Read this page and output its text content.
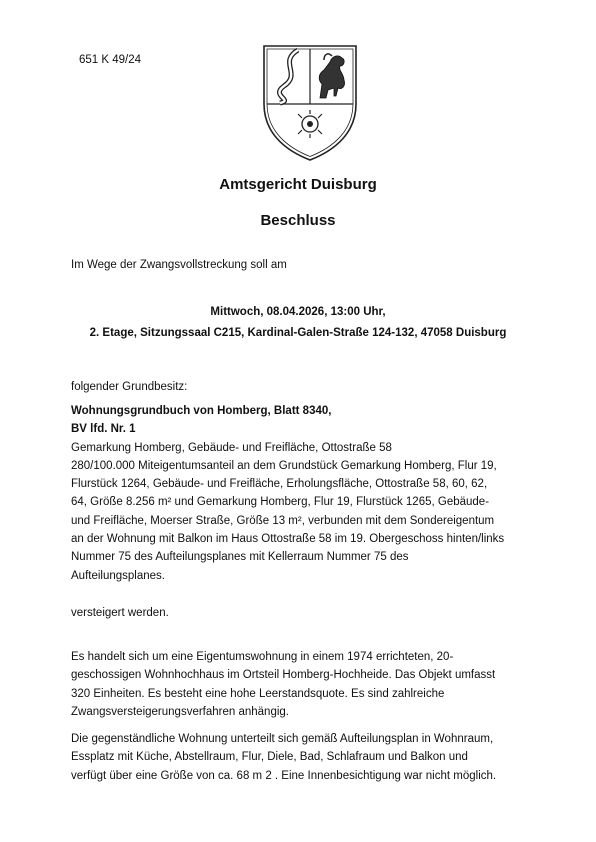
651 K 49/24
Amtsgericht Duisburg
Beschluss
Im Wege der Zwangsvollstreckung soll am
Mittwoch, 08.04.2026, 13:00 Uhr,
2. Etage, Sitzungssaal C215, Kardinal-Galen-Straße 124-132, 47058 Duisburg
folgender Grundbesitz:
Wohnungsgrundbuch von Homberg, Blatt 8340,
BV lfd. Nr. 1
Gemarkung Homberg, Gebäude- und Freifläche, Ottostraße 58
280/100.000 Miteigentumsanteil an dem Grundstück Gemarkung Homberg, Flur 19,
Flurstück 1264, Gebäude- und Freifläche, Erholungsfläche, Ottostraße 58, 60, 62,
64, Größe 8.256 m² und Gemarkung Homberg, Flur 19, Flurstück 1265, Gebäude-
und Freifläche, Moerser Straße, Größe 13 m², verbunden mit dem Sondereigentum
an der Wohnung mit Balkon im Haus Ottostraße 58 im 19. Obergeschoss hinten/links
Nummer 75 des Aufteilungsplanes mit Kellerraum Nummer 75 des
Aufteilungsplanes.
versteigert werden.
Es handelt sich um eine Eigentumswohnung in einem 1974 errichteten, 20-
geschossigen Wohnhochhaus im Ortsteil Homberg-Hochheide. Das Objekt umfasst
320 Einheiten. Es besteht eine hohe Leerstandsquote. Es sind zahlreiche
Zwangsversteigerungsverfahren anhängig.
Die gegenständliche Wohnung unterteilt sich gemäß Aufteilungsplan in Wohnraum,
Essplatz mit Küche, Abstellraum, Flur, Diele, Bad, Schlafraum und Balkon und
verfügt über eine Größe von ca. 68 m 2 . Eine Innenbesichtigung war nicht möglich.
